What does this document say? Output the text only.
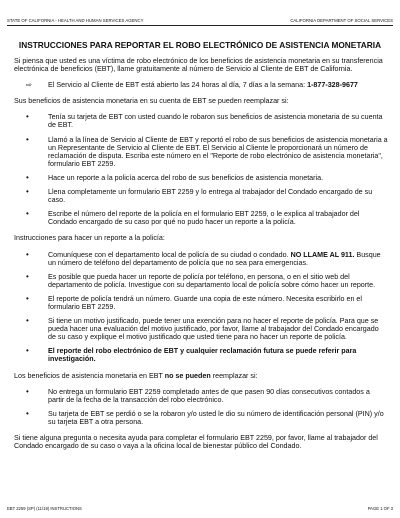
STATE OF CALIFORNIA - HEALTH AND HUMAN SERVICES AGENCY	CALIFORNIA DEPARTMENT OF SOCIAL SERVICES
INSTRUCCIONES PARA REPORTAR EL ROBO ELECTRÓNICO DE ASISTENCIA MONETARIA

Si piensa que usted es una víctima de robo electrónico de los beneficios de asistencia monetaria en su transferencia electrónica de beneficios (EBT), llame gratuitamente al número de Servicio al Cliente de EBT de California.

⇨	El Servicio al Cliente de EBT está abierto las 24 horas al día, 7 días a la semana: 1-877-328-9677

Sus beneficios de asistencia monetaria en su cuenta de EBT se pueden reemplazar si:

•	Tenía su tarjeta de EBT con usted cuando le robaron sus beneficios de asistencia monetaria de su cuenta de EBT.
•	Llamó a la línea de Servicio al Cliente de EBT y reportó el robo de sus beneficios de asistencia monetaria a un Representante de Servicio al Cliente de EBT. El Servicio al Cliente le proporcionará un número de reclamación de disputa. Escriba este número en el "Reporte de robo electrónico de asistencia monetaria", formulario EBT 2259.
•	Hace un reporte a la policía acerca del robo de sus beneficios de asistencia monetaria.
•	Llena completamente un formulario EBT 2259 y lo entrega al trabajador del Condado encargado de su caso.
•	Escribe el número del reporte de la policía en el formulario EBT 2259, o le explica al trabajador del Condado encargado de su caso por qué no pudo hacer un reporte a la policía.

Instrucciones para hacer un reporte a la policía:

•	Comuníquese con el departamento local de policía de su ciudad o condado. NO LLAME AL 911. Busque un número de teléfono del departamento de policía que no sea para emergencias.
•	Es posible que pueda hacer un reporte de policía por teléfono, en persona, o en el sitio web del departamento de policía. Investigue con su departamento local de policía sobre cómo hacer un reporte.
•	El reporte de policía tendrá un número. Guarde una copia de este número. Necesita escribirlo en el formulario EBT 2259.
•	Si tiene un motivo justificado, puede tener una exención para no hacer el reporte de policía. Para que se pueda hacer una evaluación del motivo justificado, por favor, llame al trabajador del Condado encargado de su caso y explique el motivo justificado que usted tiene para no hacer un reporte de policía.
•	El reporte del robo electrónico de EBT y cualquier reclamación futura se puede referir para investigación.

Los beneficios de asistencia monetaria en EBT no se pueden reemplazar si:

•	No entrega un formulario EBT 2259 completado antes de que pasen 90 días consecutivos contados a partir de la fecha de la transacción del robo electrónico.
•	Su tarjeta de EBT se perdió o se la robaron y/o usted le dio su número de identificación personal (PIN) y/o su tarjeta EBT a otra persona.

Si tiene alguna pregunta o necesita ayuda para completar el formulario EBT 2259, por favor, llame al trabajador del Condado encargado de su caso o vaya a la oficina local de bienestar público del Condado.

EBT 2259 (SP) (11/19) INSTRUCTIONS	PAGE 1 OF 3
